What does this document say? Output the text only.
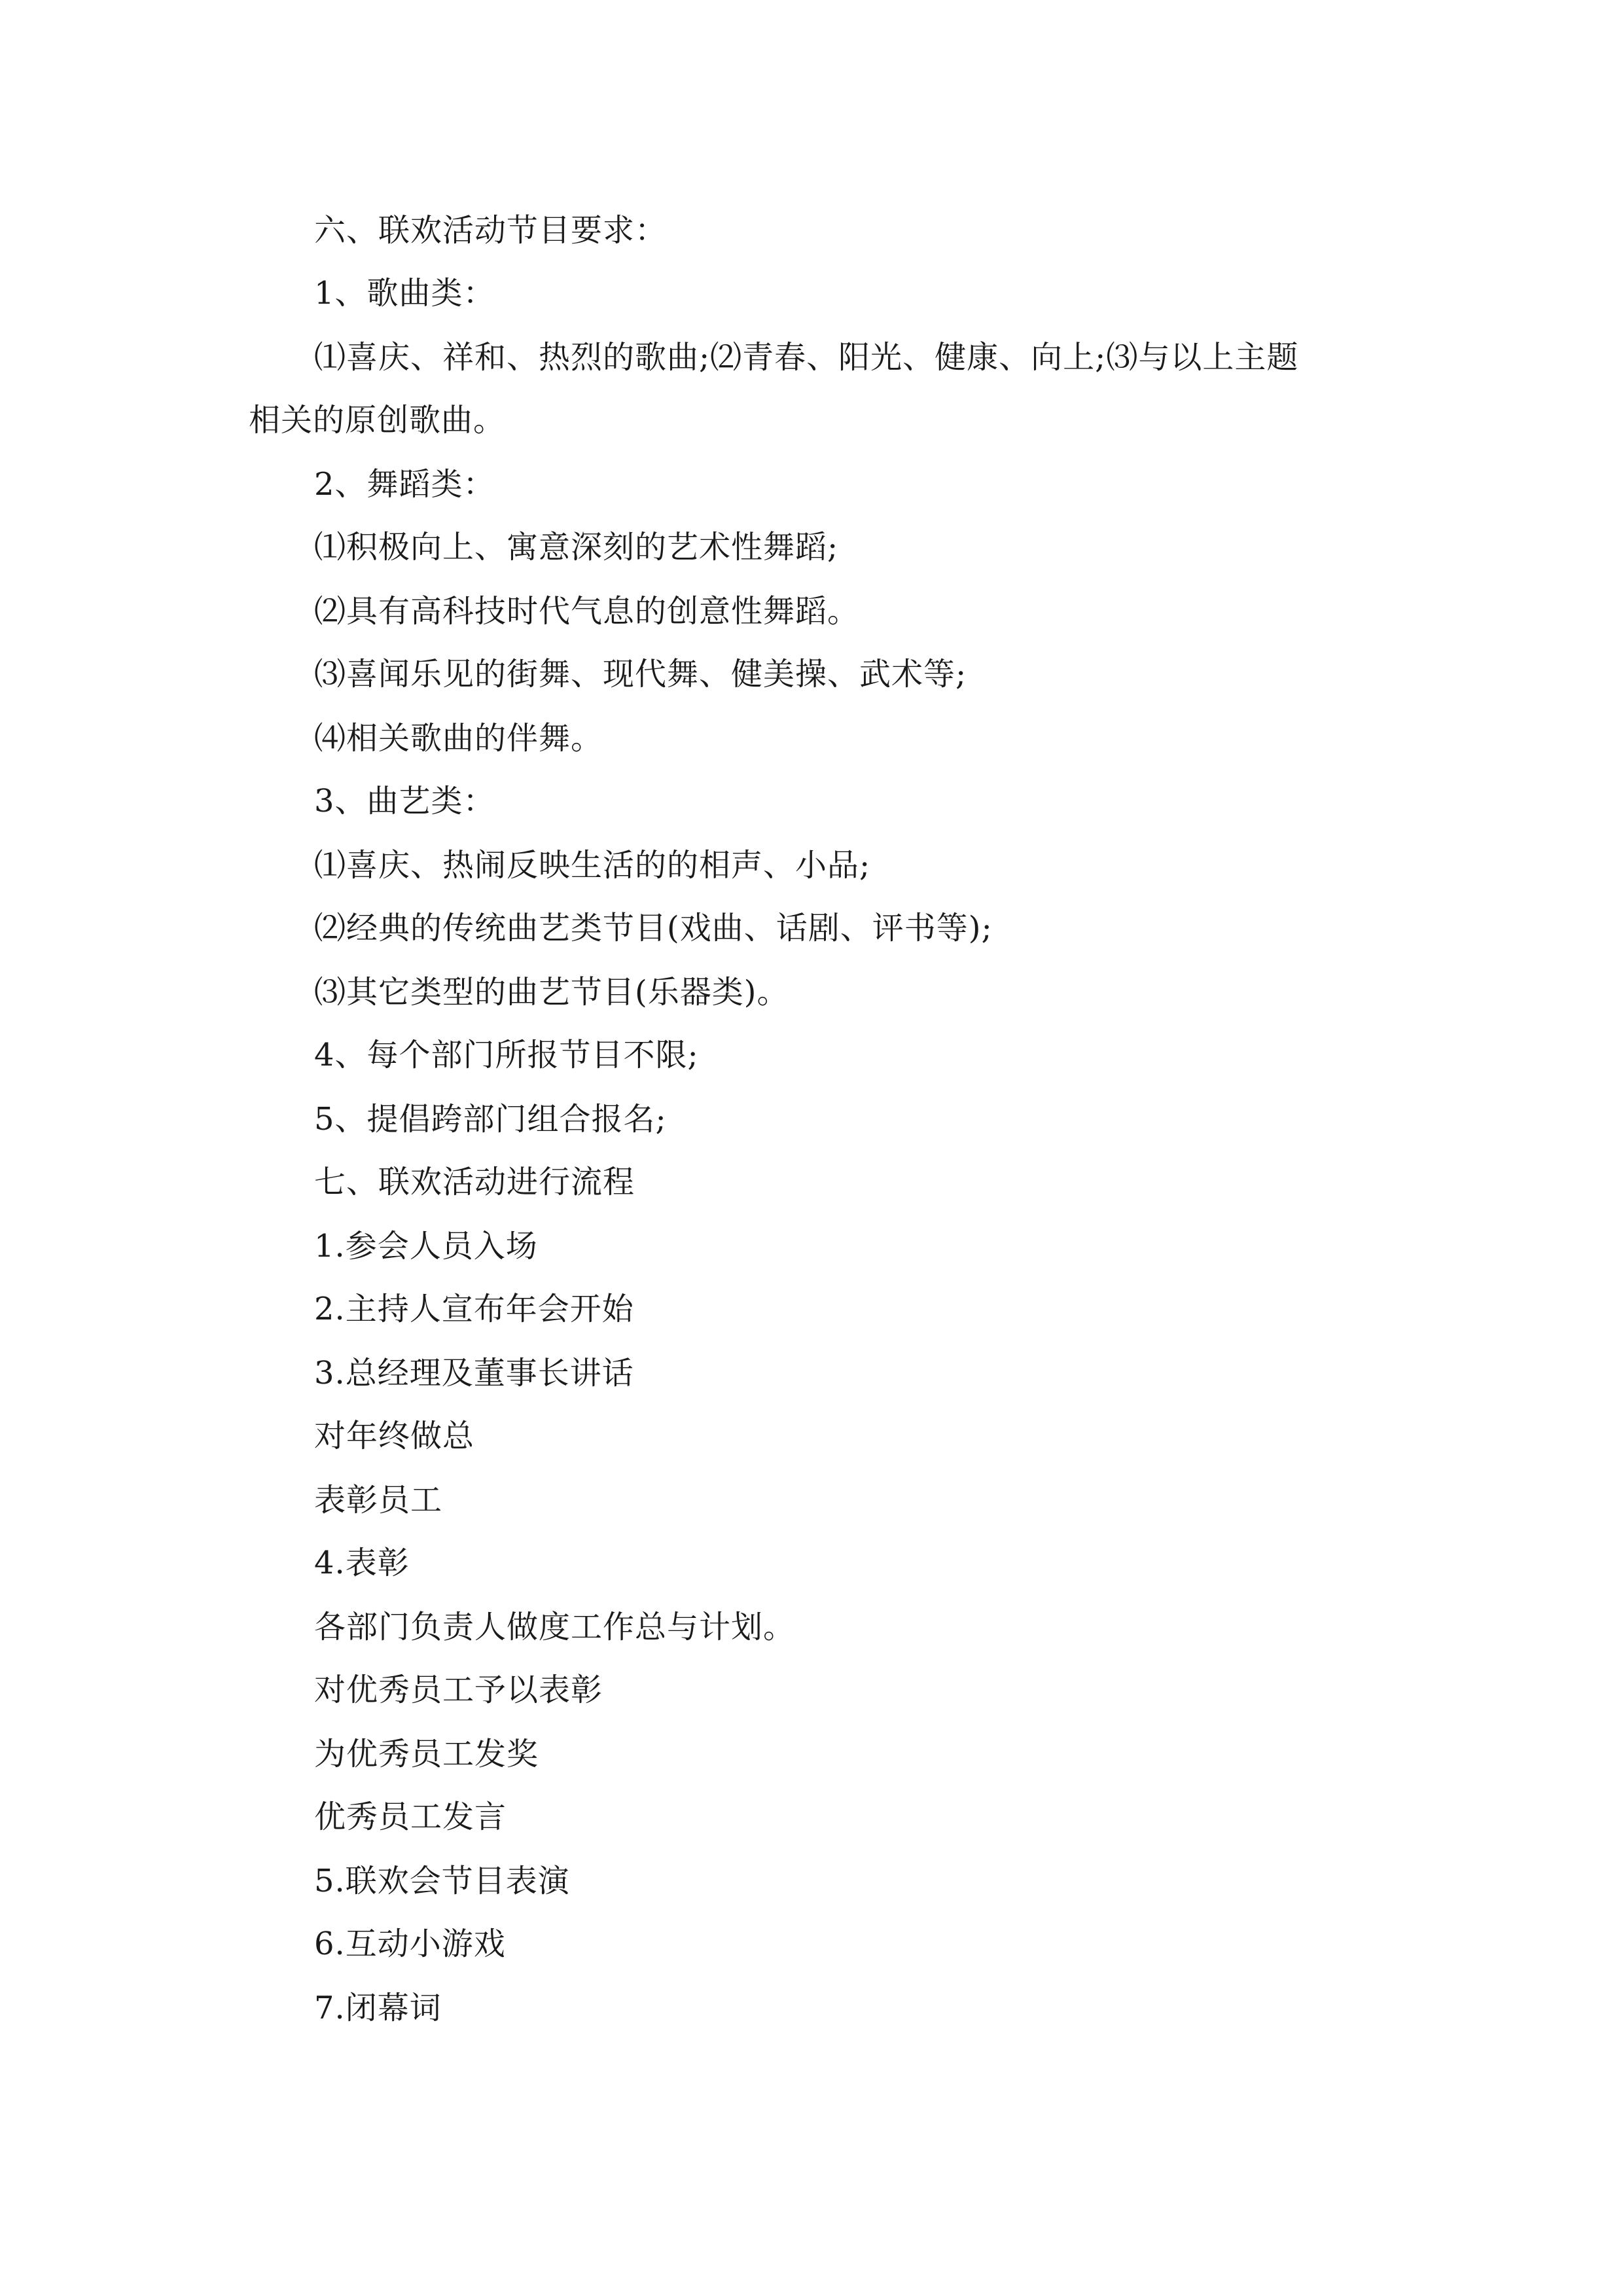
六、联欢活动节目要求：
1、歌曲类：
⑴喜庆、祥和、热烈的歌曲;⑵青春、阳光、健康、向上;⑶与以上主题
相关的原创歌曲。
2、舞蹈类：
⑴积极向上、寓意深刻的艺术性舞蹈;
⑵具有高科技时代气息的创意性舞蹈。
⑶喜闻乐见的街舞、现代舞、健美操、武术等;
⑷相关歌曲的伴舞。
3、曲艺类：
⑴喜庆、热闹反映生活的的相声、小品;
⑵经典的传统曲艺类节目(戏曲、话剧、评书等);
⑶其它类型的曲艺节目(乐器类)。
4、每个部门所报节目不限;
5、提倡跨部门组合报名;
七、联欢活动进行流程
1.参会人员入场
2.主持人宣布年会开始
3.总经理及董事长讲话
对年终做总
表彰员工
4.表彰
各部门负责人做度工作总与计划。
对优秀员工予以表彰
为优秀员工发奖
优秀员工发言
5.联欢会节目表演
6.互动小游戏
7.闭幕词
